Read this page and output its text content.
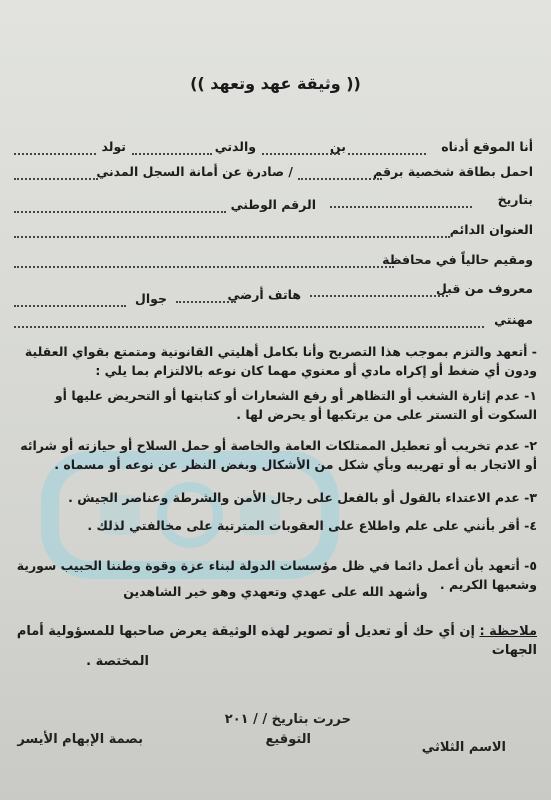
(( وثيقة عهد وتعهد ))
أنا الموقع أدناه
بن
والدتي
تولد
احمل بطاقة شخصية برقم
/ صادرة عن أمانة السجل المدني
بتاريخ
الرقم الوطني
العنوان الدائم
ومقيم حالياً في محافظة
معروف من قبل
هاتف أرضي
جوال
مهنتي
- أتعهد والتزم بموجب هذا التصريح وأنا بكامل أهليتي القانونية ومتمتع بقواي العقلية ودون أي ضغط أو إكراه مادي أو معنوي مهما كان نوعه بالالتزام بما يلي :
١- عدم إثارة الشغب أو التظاهر أو رفع الشعارات أو كتابتها أو التحريض عليها أو السكوت أو التستر على من يرتكبها أو يحرض لها .
٢- عدم تخريب أو تعطيل الممتلكات العامة والخاصة أو حمل السلاح أو حيازته أو شرائه أو الاتجار به أو تهريبه وبأي شكل من الأشكال وبغض النظر عن نوعه أو مسماه .
٣- عدم الاعتداء بالقول أو بالفعل على رجال الأمن والشرطة وعناصر الجيش .
٤- أقر بأنني على علم واطلاع على العقوبات المترتبة على مخالفتي لذلك .
٥- أتعهد بأن أعمل دائما في ظل مؤسسات الدولة لبناء عزة وقوة وطننا الحبيب سورية وشعبها الكريم .
وأشهد الله على عهدي وتعهدي وهو خير الشاهدين
ملاحظة : إن أي حك أو تعديل أو تصوير لهذه الوثيقة يعرض صاحبها للمسؤولية أمام الجهات
المختصة .
حررت بتاريخ / / ٢٠١
الاسم الثلاثي
التوقيع
بصمة الإبهام الأيسر
